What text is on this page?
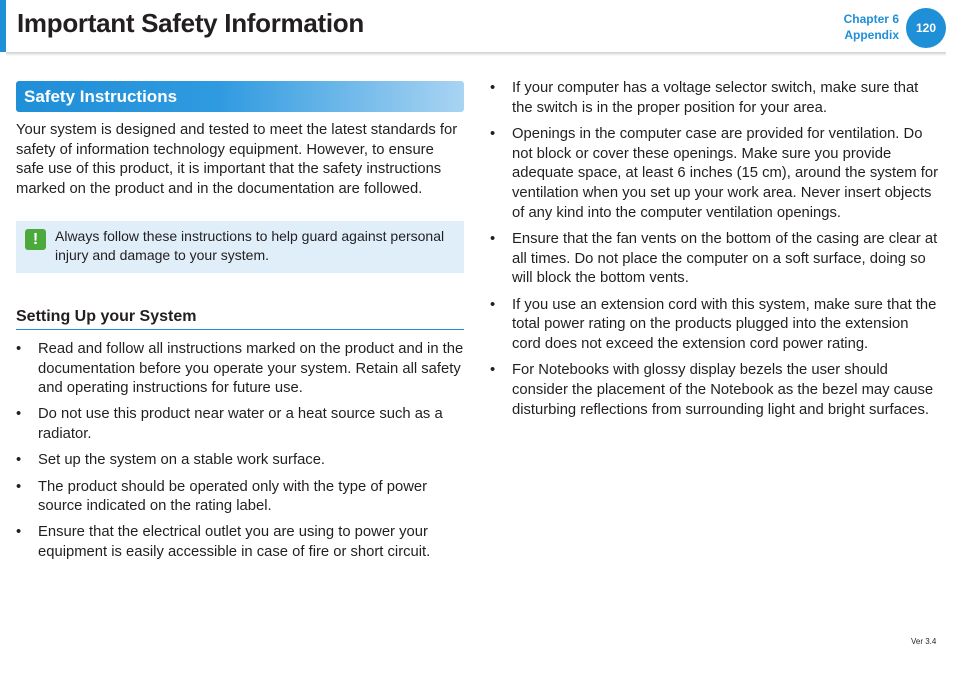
Important Safety Information	Chapter 6
Appendix	120
Safety Instructions

Your system is designed and tested to meet the latest standards for safety of information technology equipment. However, to ensure safe use of this product, it is important that the safety instructions marked on the product and in the documentation are followed.

!	Always follow these instructions to help guard against personal injury and damage to your system.
Setting Up your System
• Read and follow all instructions marked on the product and in the documentation before you operate your system. Retain all safety and operating instructions for future use.
• Do not use this product near water or a heat source such as a radiator.
• Set up the system on a stable work surface.
• The product should be operated only with the type of power source indicated on the rating label.
• Ensure that the electrical outlet you are using to power your equipment is easily accessible in case of fire or short circuit.
• If your computer has a voltage selector switch, make sure that the switch is in the proper position for your area.
• Openings in the computer case are provided for ventilation. Do not block or cover these openings. Make sure you provide adequate space, at least 6 inches (15 cm), around the system for ventilation when you set up your work area. Never insert objects of any kind into the computer ventilation openings.
• Ensure that the fan vents on the bottom of the casing are clear at all times. Do not place the computer on a soft surface, doing so will block the bottom vents.
• If you use an extension cord with this system, make sure that the total power rating on the products plugged into the extension cord does not exceed the extension cord power rating.
• For Notebooks with glossy display bezels the user should consider the placement of the Notebook as the bezel may cause disturbing reflections from surrounding light and bright surfaces.
Ver 3.4
